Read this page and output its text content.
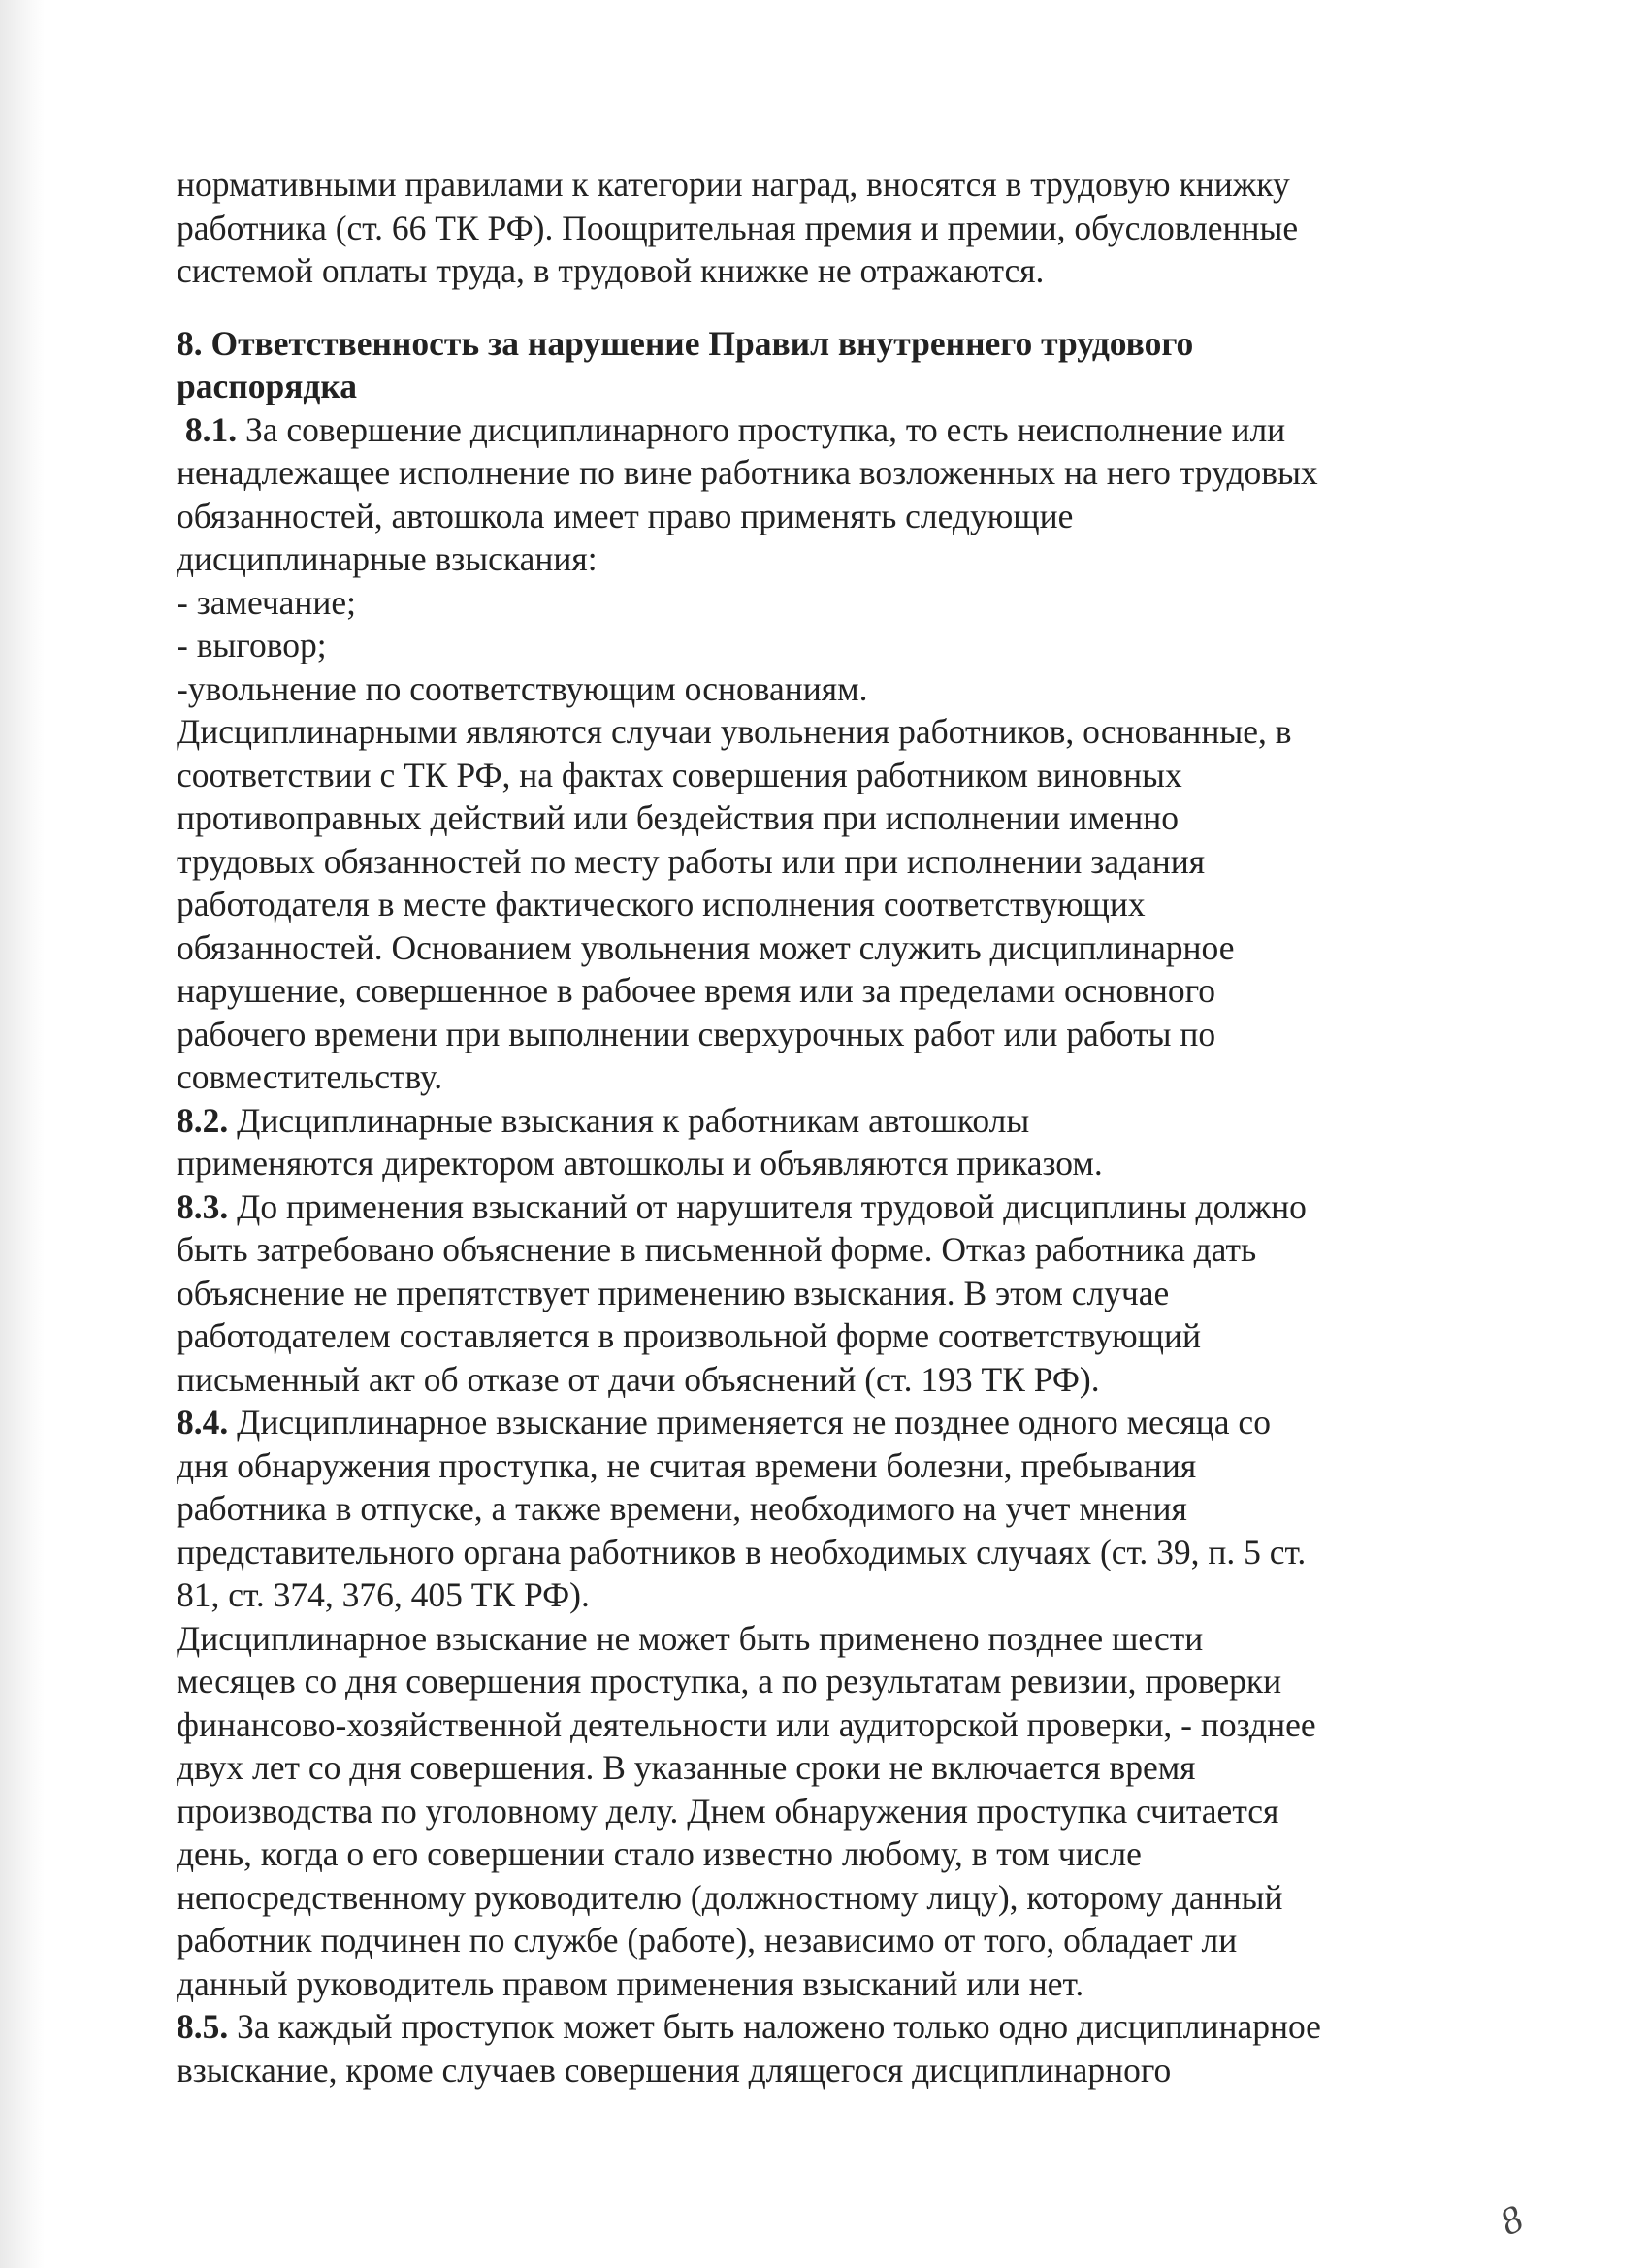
нормативными правилами к категории наград, вносятся в трудовую книжку
работника (ст. 66 ТК РФ). Поощрительная премия и премии, обусловленные
системой оплаты труда, в трудовой книжке не отражаются.
8. Ответственность за нарушение Правил внутреннего трудового
распорядка
8.1. За совершение дисциплинарного проступка, то есть неисполнение или
ненадлежащее исполнение по вине работника возложенных на него трудовых
обязанностей, автошкола имеет право применять следующие
дисциплинарные взыскания:
- замечание;
- выговор;
-увольнение по соответствующим основаниям.
Дисциплинарными являются случаи увольнения работников, основанные, в
соответствии с ТК РФ, на фактах совершения работником виновных
противоправных действий или бездействия при исполнении именно
трудовых обязанностей по месту работы или при исполнении задания
работодателя в месте фактического исполнения соответствующих
обязанностей. Основанием увольнения может служить дисциплинарное
нарушение, совершенное в рабочее время или за пределами основного
рабочего времени при выполнении сверхурочных работ или работы по
совместительству.
8.2. Дисциплинарные взыскания к работникам автошколы
применяются директором автошколы и объявляются приказом.
8.3. До применения взысканий от нарушителя трудовой дисциплины должно
быть затребовано объяснение в письменной форме. Отказ работника дать
объяснение не препятствует применению взыскания. В этом случае
работодателем составляется в произвольной форме соответствующий
письменный акт об отказе от дачи объяснений (ст. 193 ТК РФ).
8.4. Дисциплинарное взыскание применяется не позднее одного месяца со
дня обнаружения проступка, не считая времени болезни, пребывания
работника в отпуске, а также времени, необходимого на учет мнения
представительного органа работников в необходимых случаях (ст. 39, п. 5 ст.
81, ст. 374, 376, 405 ТК РФ).
Дисциплинарное взыскание не может быть применено позднее шести
месяцев со дня совершения проступка, а по результатам ревизии, проверки
финансово-хозяйственной деятельности или аудиторской проверки, - позднее
двух лет со дня совершения. В указанные сроки не включается время
производства по уголовному делу. Днем обнаружения проступка считается
день, когда о его совершении стало известно любому, в том числе
непосредственному руководителю (должностному лицу), которому данный
работник подчинен по службе (работе), независимо от того, обладает ли
данный руководитель правом применения взысканий или нет.
8.5. За каждый проступок может быть наложено только одно дисциплинарное
взыскание, кроме случаев совершения длящегося дисциплинарного
8
